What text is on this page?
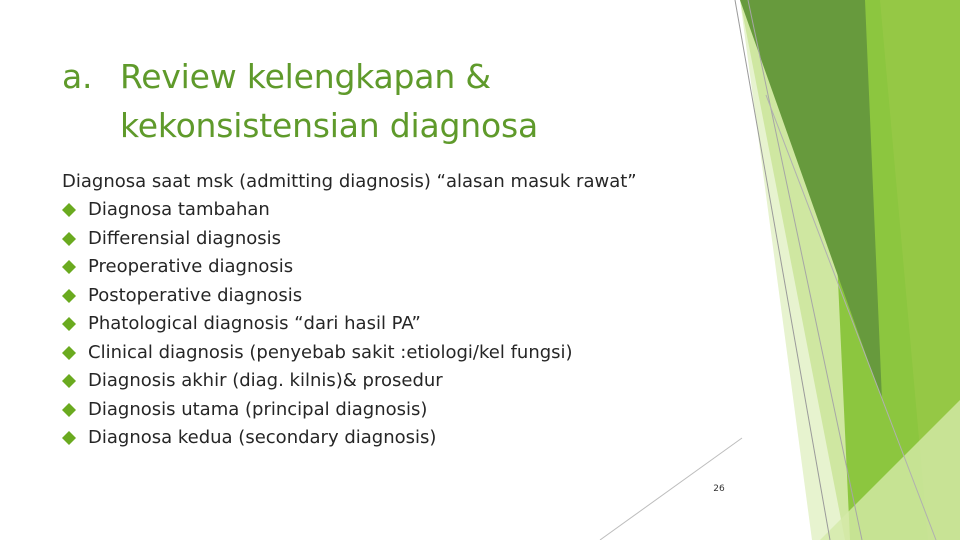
a. Review kelengkapan &
kekonsistensian diagnosa
Diagnosa saat msk (admitting diagnosis) “alasan masuk rawat”
Diagnosa tambahan
Differensial diagnosis
Preoperative diagnosis
Postoperative diagnosis
Phatological diagnosis “dari hasil PA”
Clinical diagnosis (penyebab sakit :etiologi/kel fungsi)
Diagnosis akhir (diag. kilnis)& prosedur
Diagnosis utama (principal diagnosis)
Diagnosa kedua (secondary diagnosis)
26
